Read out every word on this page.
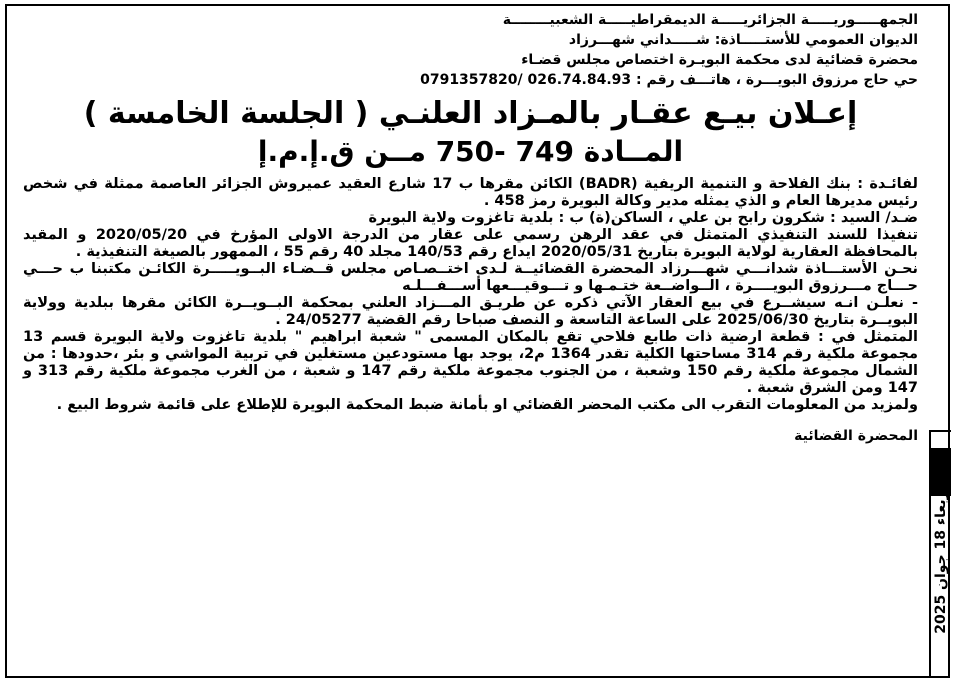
الجمهـــــوريـــــة الجزائريـــــة الديمقراطيـــــة الشعبيــــــــة

الديوان العمومي للأستـــــاذة: شـــــداني شهـــرزاد

محضرة قضائية لدى محكمة البويـرة اختصاص مجلس قضـاء

حي حاج مرزوق البويـــرة ، هاتـــف رقم : 026.74.84.93 /0791357820

إعـلان بيـع عقـار بالمـزاد العلنـي ( الجلسة الخامسة )
المــادة 749 -750 مــن ق.إ.م.إ

لفائـدة : بنك الفلاحة و التنمية الريفية (BADR) الكائن مقرها ب 17 شارع العقيد عميروش الجزائر العاصمة ممثلة في شخص رئيس مديرها العام و الذي يمثله مدير وكالة البويرة رمز 458 .

ضـد/ السيد : شكرون رابح بن علي ، الساكن(ة) ب : بلدية تاغزوت ولاية البويرة

تنفيذا للسند التنفيذي المتمثل في عقد الرهن رسمي على عقار من الدرجة الاولى المؤرخ في 2020/05/20 و المقيد بالمحافظة العقارية لولاية البويرة بتاريخ 2020/05/31 ايداع رقم 140/53 مجلد 40 رقم 55 ، الممهور بالصيغة التنفيذية .

نحـن الأستـــاذة شدانـــي شهـــرزاد المحضرة القضائيــة لـدى اختــصـاص مجلس قــضـاء البــويـــــرة الكائـن مكتبنا ب حـــي حـــاج مـــرزوق البويــــرة ، الــواضــعة ختـمـها و تـــوقيـــعها أســـفـــلـه

- نعلـن انـه سيشــرع في بيع العقار الآتي ذكره عن طريـق المـــزاد العلني بمحكمة البــويــرة الكائن مقرها ببلدية وولاية البويــرة بتاريخ 2025/06/30 على الساعة التاسعة و النصف صباحا رقم القضية 24/05277 .

المتمثل في : قطعة ارضية ذات طابع فلاحي تقع بالمكان المسمى " شعبة ابراهيم " بلدية تاغزوت ولاية البويرة قسم 13 مجموعة ملكية رقم 314 مساحتها الكلية تقدر 1364 م2، يوجد بها مستودعين مستغلين في تربية المواشي و بئر ،حدودها : من الشمال مجموعة ملكية رقم 150 وشعبة ، من الجنوب مجموعة ملكية رقم 147 و شعبة ، من الغرب مجموعة ملكية رقم 313 و 147 ومن الشرق شعبة .

ولمزيد من المعلومات التقرب الى مكتب المحضر القضائي او بأمانة ضبط المحكمة البويرة للإطلاع على قائمة شروط البيع .

المحضرة القضائية

الأربعاء 18 جوان 2025
